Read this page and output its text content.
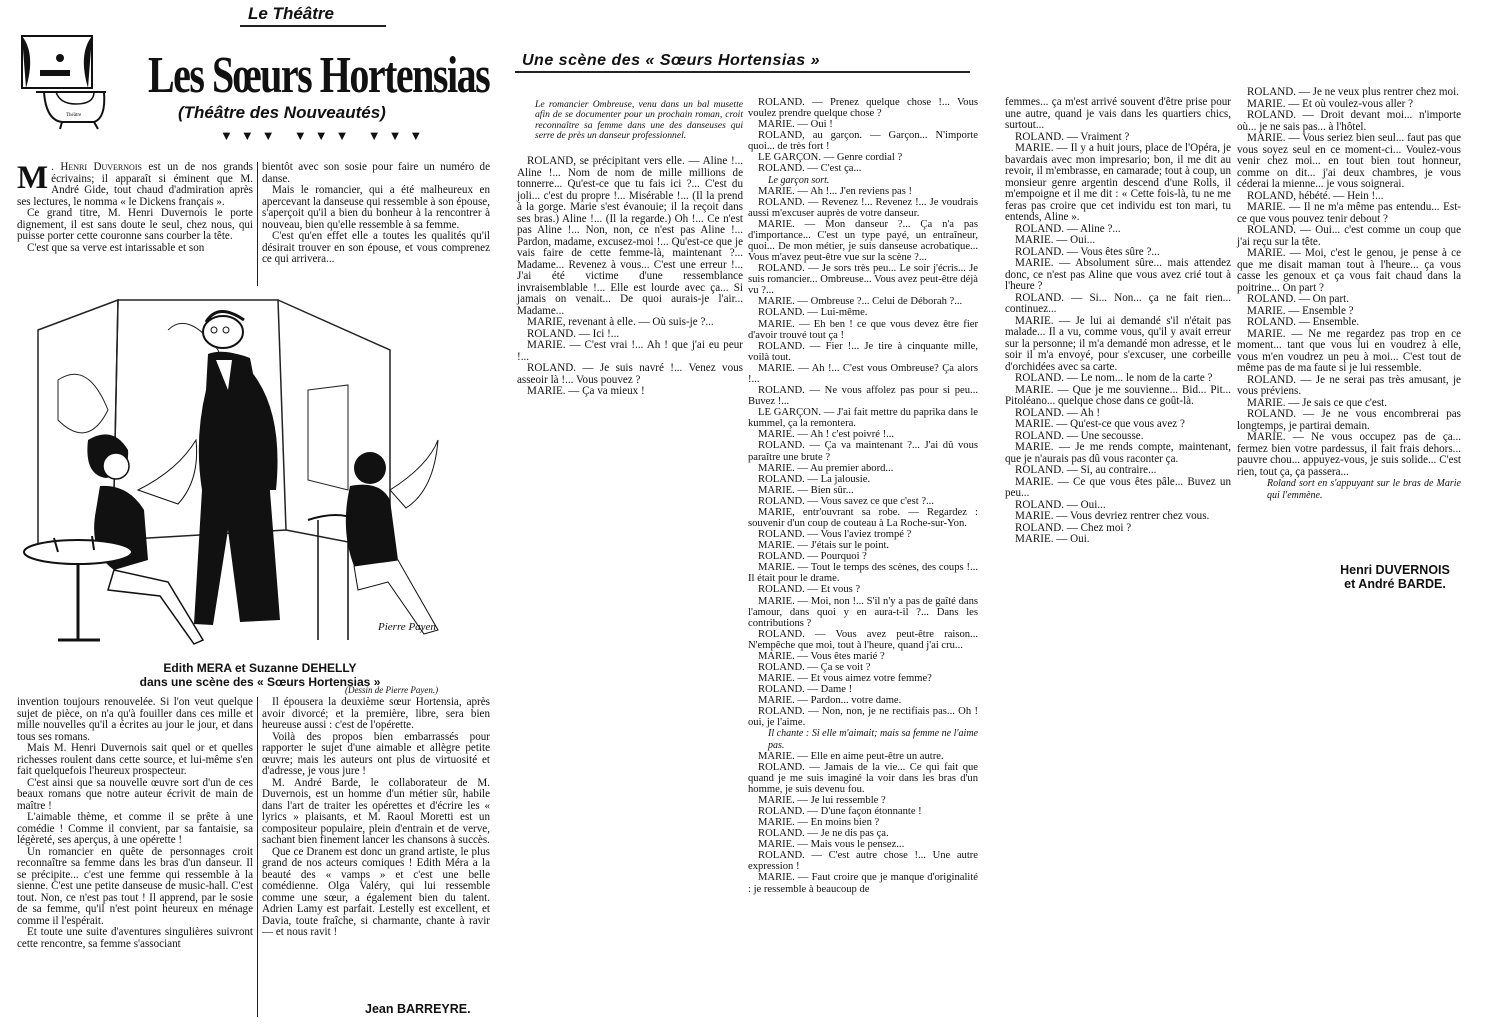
Le Théâtre
Théâtre
Les Sœurs Hortensias
(Théâtre des Nouveautés)
▼▼▼ ▼▼▼ ▼▼▼

M . Henri Duvernois est un de nos grands écrivains; il apparaît si éminent que M. André Gide, tout chaud d'admiration après ses lectures, le nomma « le Dickens français ».

Ce grand titre, M. Henri Duvernois le porte dignement, il est sans doute le seul, chez nous, qui puisse porter cette couronne sans courber la tête.

C'est que sa verve est intarissable et son

bientôt avec son sosie pour faire un numéro de danse.

Mais le romancier, qui a été malheureux en apercevant la danseuse qui ressemble à son épouse, s'aperçoit qu'il a bien du bonheur à la rencontrer à nouveau, bien qu'elle ressemble à sa femme.

C'est qu'en effet elle a toutes les qualités qu'il désirait trouver en son épouse, et vous comprenez ce qui arrivera...

Pierre Payen
Edith MERA et Suzanne DEHELLY
dans une scène des « Sœurs Hortensias »
(Dessin de Pierre Payen.)

invention toujours renouvelée. Si l'on veut quelque sujet de pièce, on n'a qu'à fouiller dans ces mille et mille nouvelles qu'il a écrites au jour le jour, et dans tous ses romans.

Mais M. Henri Duvernois sait quel or et quelles richesses roulent dans cette source, et lui-même s'en fait quelquefois l'heureux prospecteur.

C'est ainsi que sa nouvelle œuvre sort d'un de ces beaux romans que notre auteur écrivit de main de maître !

L'aimable thème, et comme il se prête à une comédie ! Comme il convient, par sa fantaisie, sa légèreté, ses aperçus, à une opérette !

Un romancier en quête de personnages croit reconnaître sa femme dans les bras d'un danseur. Il se précipite... c'est une femme qui ressemble à la sienne. C'est une petite danseuse de music-hall. C'est tout. Non, ce n'est pas tout ! Il apprend, par le sosie de sa femme, qu'il n'est point heureux en ménage comme il l'espérait.

Et toute une suite d'aventures singulières suivront cette rencontre, sa femme s'associant

Il épousera la deuxième sœur Hortensia, après avoir divorcé; et la première, libre, sera bien heureuse aussi : c'est de l'opérette.

Voilà des propos bien embarrassés pour rapporter le sujet d'une aimable et allègre petite œuvre; mais les auteurs ont plus de virtuosité et d'adresse, je vous jure !

M. André Barde, le collaborateur de M. Duvernois, est un homme d'un métier sûr, habile dans l'art de traiter les opérettes et d'écrire les « lyrics » plaisants, et M. Raoul Moretti est un compositeur populaire, plein d'entrain et de verve, sachant bien finement lancer les chansons à succès.

Que ce Dranem est donc un grand artiste, le plus grand de nos acteurs comiques ! Edith Méra a la beauté des « vamps » et c'est une belle comédienne. Olga Valéry, qui lui ressemble comme une sœur, a également bien du talent. Adrien Lamy est parfait. Lestelly est excellent, et Davia, toute fraîche, si charmante, chante à ravir — et nous ravit !

Jean BARREYRE.
Une scène des « Sœurs Hortensias »
Le romancier Ombreuse, venu dans un bal musette afin de se documenter pour un prochain roman, croit reconnaître sa femme dans une des danseuses qui serre de près un danseur professionnel.

ROLAND, se précipitant vers elle. — Aline !... Aline !... Nom de nom de mille millions de tonnerre... Qu'est-ce que tu fais ici ?... C'est du joli... c'est du propre !... Misérable !... (Il la prend à la gorge. Marie s'est évanouie; il la reçoit dans ses bras.) Aline !... (Il la regarde.) Oh !... Ce n'est pas Aline !... Non, non, ce n'est pas Aline !... Pardon, madame, excusez-moi !... Qu'est-ce que je vais faire de cette femme-là, maintenant ?... Madame... Revenez à vous... C'est une erreur !... J'ai été victime d'une ressemblance invraisemblable !... Elle est lourde avec ça... Si jamais on venait... De quoi aurais-je l'air... Madame...

MARIE, revenant à elle. — Où suis-je ?...

ROLAND. — Ici !...

MARIE. — C'est vrai !... Ah ! que j'ai eu peur !...

ROLAND. — Je suis navré !... Venez vous asseoir là !... Vous pouvez ?

MARIE. — Ça va mieux !

ROLAND. — Prenez quelque chose !... Vous voulez prendre quelque chose ?

MARIE. — Oui !

ROLAND, au garçon. — Garçon... N'importe quoi... de très fort !

LE GARÇON. — Genre cordial ?

ROLAND. — C'est ça...

Le garçon sort.

MARIE. — Ah !... J'en reviens pas !

ROLAND. — Revenez !... Revenez !... Je voudrais aussi m'excuser auprès de votre danseur.

MARIE. — Mon danseur ?... Ça n'a pas d'importance... C'est un type payé, un entraîneur, quoi... De mon métier, je suis danseuse acrobatique... Vous m'avez peut-être vue sur la scène ?...

ROLAND. — Je sors très peu... Le soir j'écris... Je suis romancier... Ombreuse... Vous avez peut-être déjà vu ?...

MARIE. — Ombreuse ?... Celui de Déborah ?...

ROLAND. — Lui-même.

MARIE. — Eh ben ! ce que vous devez être fier d'avoir trouvé tout ça !

ROLAND. — Fier !... Je tire à cinquante mille, voilà tout.

MARIE. — Ah !... C'est vous Ombreuse? Ça alors !...

ROLAND. — Ne vous affolez pas pour si peu... Buvez !...

LE GARÇON. — J'ai fait mettre du paprika dans le kummel, ça la remontera.

MARIE. — Ah ! c'est poivré !...

ROLAND. — Ça va maintenant ?... J'ai dû vous paraître une brute ?

MARIE. — Au premier abord...

ROLAND. — La jalousie.

MARIE. — Bien sûr...

ROLAND. — Vous savez ce que c'est ?...

MARIE, entr'ouvrant sa robe. — Regardez : souvenir d'un coup de couteau à La Roche-sur-Yon.

ROLAND. — Vous l'aviez trompé ?

MARIE. — J'étais sur le point.

ROLAND. — Pourquoi ?

MARIE. — Tout le temps des scènes, des coups !... Il était pour le drame.

ROLAND. — Et vous ?

MARIE. — Moi, non !... S'il n'y a pas de gaîté dans l'amour, dans quoi y en aura-t-il ?... Dans les contributions ?

ROLAND. — Vous avez peut-être raison... N'empêche que moi, tout à l'heure, quand j'ai cru...

MARIE. — Vous êtes marié ?

ROLAND. — Ça se voit ?

MARIE. — Et vous aimez votre femme?

ROLAND. — Dame !

MARIE. — Pardon... votre dame.

ROLAND. — Non, non, je ne rectifiais pas... Oh ! oui, je l'aime.

Il chante : Si elle m'aimait; mais sa femme ne l'aime pas.

MARIE. — Elle en aime peut-être un autre.

ROLAND. — Jamais de la vie... Ce qui fait que quand je me suis imaginé la voir dans les bras d'un homme, je suis devenu fou.

MARIE. — Je lui ressemble ?

ROLAND. — D'une façon étonnante !

MARIE. — En moins bien ?

ROLAND. — Je ne dis pas ça.

MARIE. — Mais vous le pensez...

ROLAND. — C'est autre chose !... Une autre expression !

MARIE. — Faut croire que je manque d'originalité : je ressemble à beaucoup de

femmes... ça m'est arrivé souvent d'être prise pour une autre, quand je vais dans les quartiers chics, surtout...

ROLAND. — Vraiment ?

MARIE. — Il y a huit jours, place de l'Opéra, je bavardais avec mon impresario; bon, il me dit au revoir, il m'embrasse, en camarade; tout à coup, un monsieur genre argentin descend d'une Rolls, il m'empoigne et il me dit : « Cette fois-là, tu ne me feras pas croire que cet individu est ton mari, tu entends, Aline ».

ROLAND. — Aline ?...

MARIE. — Oui...

ROLAND. — Vous êtes sûre ?...

MARIE. — Absolument sûre... mais attendez donc, ce n'est pas Aline que vous avez crié tout à l'heure ?

ROLAND. — Si... Non... ça ne fait rien... continuez...

MARIE. — Je lui ai demandé s'il n'était pas malade... Il a vu, comme vous, qu'il y avait erreur sur la personne; il m'a demandé mon adresse, et le soir il m'a envoyé, pour s'excuser, une corbeille d'orchidées avec sa carte.

ROLAND. — Le nom... le nom de la carte ?

MARIE. — Que je me souvienne... Bid... Pit... Pitoléano... quelque chose dans ce goût-là.

ROLAND. — Ah !

MARIE. — Qu'est-ce que vous avez ?

ROLAND. — Une secousse.

MARIE. — Je me rends compte, maintenant, que je n'aurais pas dû vous raconter ça.

ROLAND. — Si, au contraire...

MARIE. — Ce que vous êtes pâle... Buvez un peu...

ROLAND. — Oui...

MARIE. — Vous devriez rentrer chez vous.

ROLAND. — Chez moi ?

MARIE. — Oui.

ROLAND. — Je ne veux plus rentrer chez moi.

MARIE. — Et où voulez-vous aller ?

ROLAND. — Droit devant moi... n'importe où... je ne sais pas... à l'hôtel.

MARIE. — Vous seriez bien seul... faut pas que vous soyez seul en ce moment-ci... Voulez-vous venir chez moi... en tout bien tout honneur, comme on dit... j'ai deux chambres, je vous céderai la mienne... je vous soignerai.

ROLAND, hébété. — Hein !...

MARIE. — Il ne m'a même pas entendu... Est-ce que vous pouvez tenir debout ?

ROLAND. — Oui... c'est comme un coup que j'ai reçu sur la tête.

MARIE. — Moi, c'est le genou, je pense à ce que me disait maman tout à l'heure... ça vous casse les genoux et ça vous fait chaud dans la poitrine... On part ?

ROLAND. — On part.

MARIE. — Ensemble ?

ROLAND. — Ensemble.

MARIE. — Ne me regardez pas trop en ce moment... tant que vous lui en voudrez à elle, vous m'en voudrez un peu à moi... C'est tout de même pas de ma faute si je lui ressemble.

ROLAND. — Je ne serai pas très amusant, je vous préviens.

MARIE. — Je sais ce que c'est.

ROLAND. — Je ne vous encombrerai pas longtemps, je partirai demain.

MARIE. — Ne vous occupez pas de ça... fermez bien votre pardessus, il fait frais dehors... pauvre chou... appuyez-vous, je suis solide... C'est rien, tout ça, ça passera...

Roland sort en s'appuyant sur le bras de Marie qui l'emmène.

Henri DUVERNOIS
et André BARDE.
